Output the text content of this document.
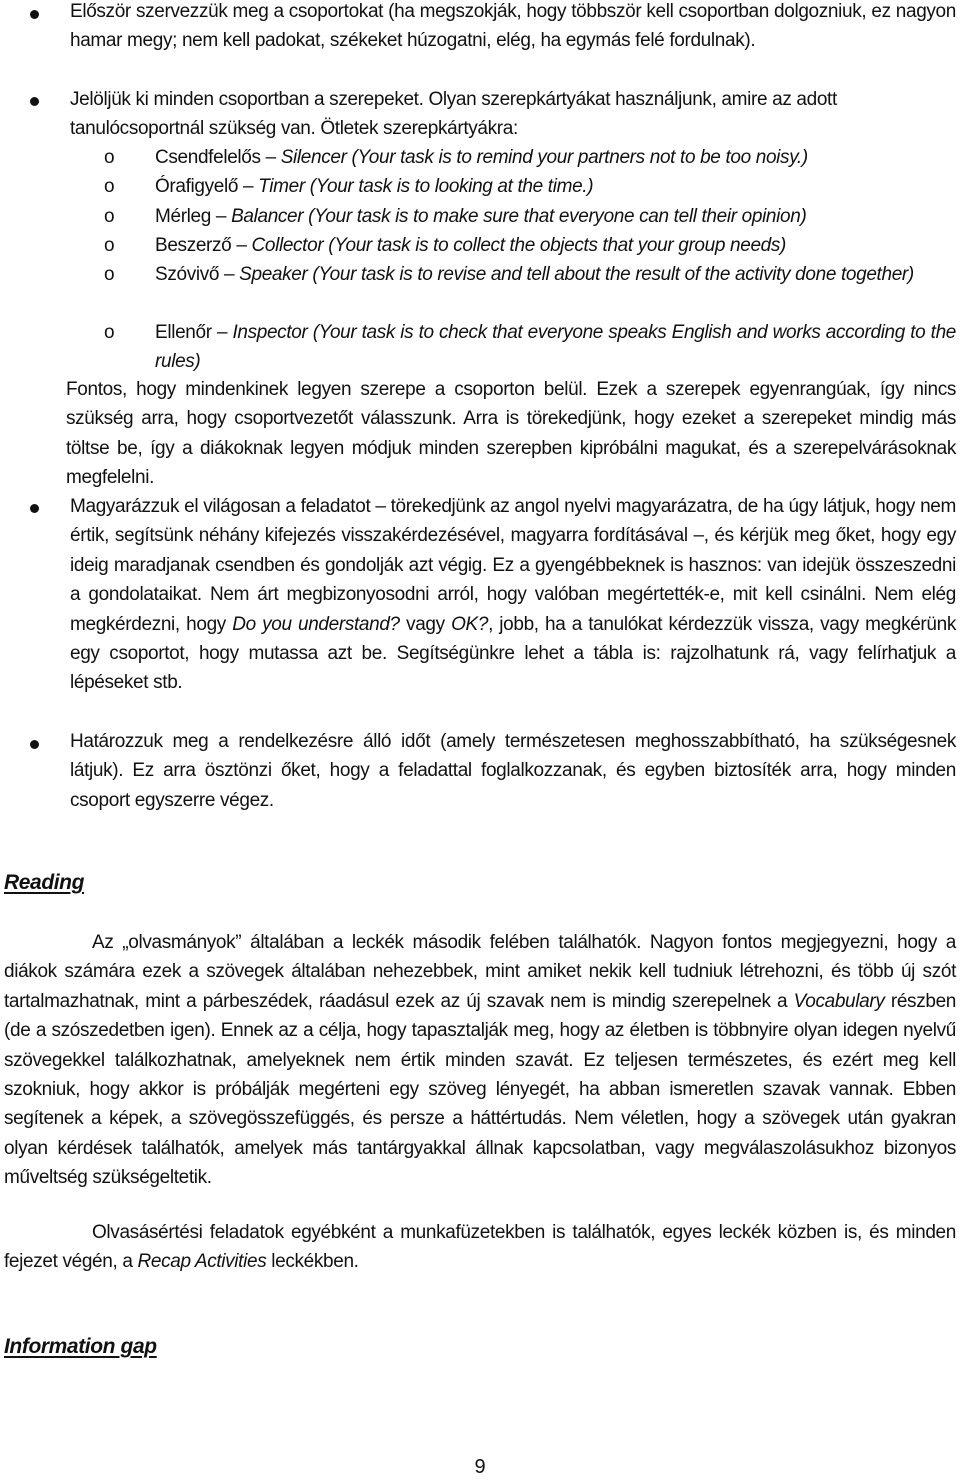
Először szervezzük meg a csoportokat (ha megszokják, hogy többször kell csoportban dolgozniuk, ez nagyon hamar megy; nem kell padokat, székeket húzogatni, elég, ha egymás felé fordulnak).
Jelöljük ki minden csoportban a szerepeket. Olyan szerepkártyákat használjunk, amire az adott tanulócsoportnál szükség van. Ötletek szerepkártyákra:
o Csendfelelős – Silencer (Your task is to remind your partners not to be too noisy.)
o Órafigyelő – Timer (Your task is to looking at the time.)
o Mérleg – Balancer (Your task is to make sure that everyone can tell their opinion)
o Beszerző – Collector (Your task is to collect the objects that your group needs)
o Szóvivő – Speaker (Your task is to revise and tell about the result of the activity done together)
o Ellenőr – Inspector (Your task is to check that everyone speaks English and works according to the rules)
Fontos, hogy mindenkinek legyen szerepe a csoporton belül. Ezek a szerepek egyenrangúak, így nincs szükség arra, hogy csoportvezetőt válasszunk. Arra is törekedjünk, hogy ezeket a szerepeket mindig más töltse be, így a diákoknak legyen módjuk minden szerepben kipróbálni magukat, és a szerepelvárásoknak megfelelni.
Magyarázzuk el világosan a feladatot – törekedjünk az angol nyelvi magyarázatra, de ha úgy látjuk, hogy nem értik, segítsünk néhány kifejezés visszakérdezésével, magyarra fordításával –, és kérjük meg őket, hogy egy ideig maradjanak csendben és gondolják azt végig. Ez a gyengébbeknek is hasznos: van idejük összeszedni a gondolataikat. Nem árt megbizonyosodni arról, hogy valóban megértették-e, mit kell csinálni. Nem elég megkérdezni, hogy Do you understand? vagy OK?, jobb, ha a tanulókat kérdezzük vissza, vagy megkérünk egy csoportot, hogy mutassa azt be. Segítségünkre lehet a tábla is: rajzolhatunk rá, vagy felírhatjuk a lépéseket stb.
Határozzuk meg a rendelkezésre álló időt (amely természetesen meghosszabbítható, ha szükségesnek látjuk). Ez arra ösztönzi őket, hogy a feladattal foglalkozzanak, és egyben biztosíték arra, hogy minden csoport egyszerre végez.
Reading
Az „olvasmányok” általában a leckék második felében találhatók. Nagyon fontos megjegyezni, hogy a diákok számára ezek a szövegek általában nehezebbek, mint amiket nekik kell tudniuk létrehozni, és több új szót tartalmazhatnak, mint a párbeszédek, ráadásul ezek az új szavak nem is mindig szerepelnek a Vocabulary részben (de a szószedetben igen). Ennek az a célja, hogy tapasztalják meg, hogy az életben is többnyire olyan idegen nyelvű szövegekkel találkozhatnak, amelyeknek nem értik minden szavát. Ez teljesen természetes, és ezért meg kell szokniuk, hogy akkor is próbálják megérteni egy szöveg lényegét, ha abban ismeretlen szavak vannak. Ebben segítenek a képek, a szövegösszefüggés, és persze a háttértudás. Nem véletlen, hogy a szövegek után gyakran olyan kérdések találhatók, amelyek más tantárgyakkal állnak kapcsolatban, vagy megválaszolásukhoz bizonyos műveltség szükségeltetik.
Olvasásértési feladatok egyébként a munkafüzetekben is találhatók, egyes leckék közben is, és minden fejezet végén, a Recap Activities leckékben.
Information gap
9
